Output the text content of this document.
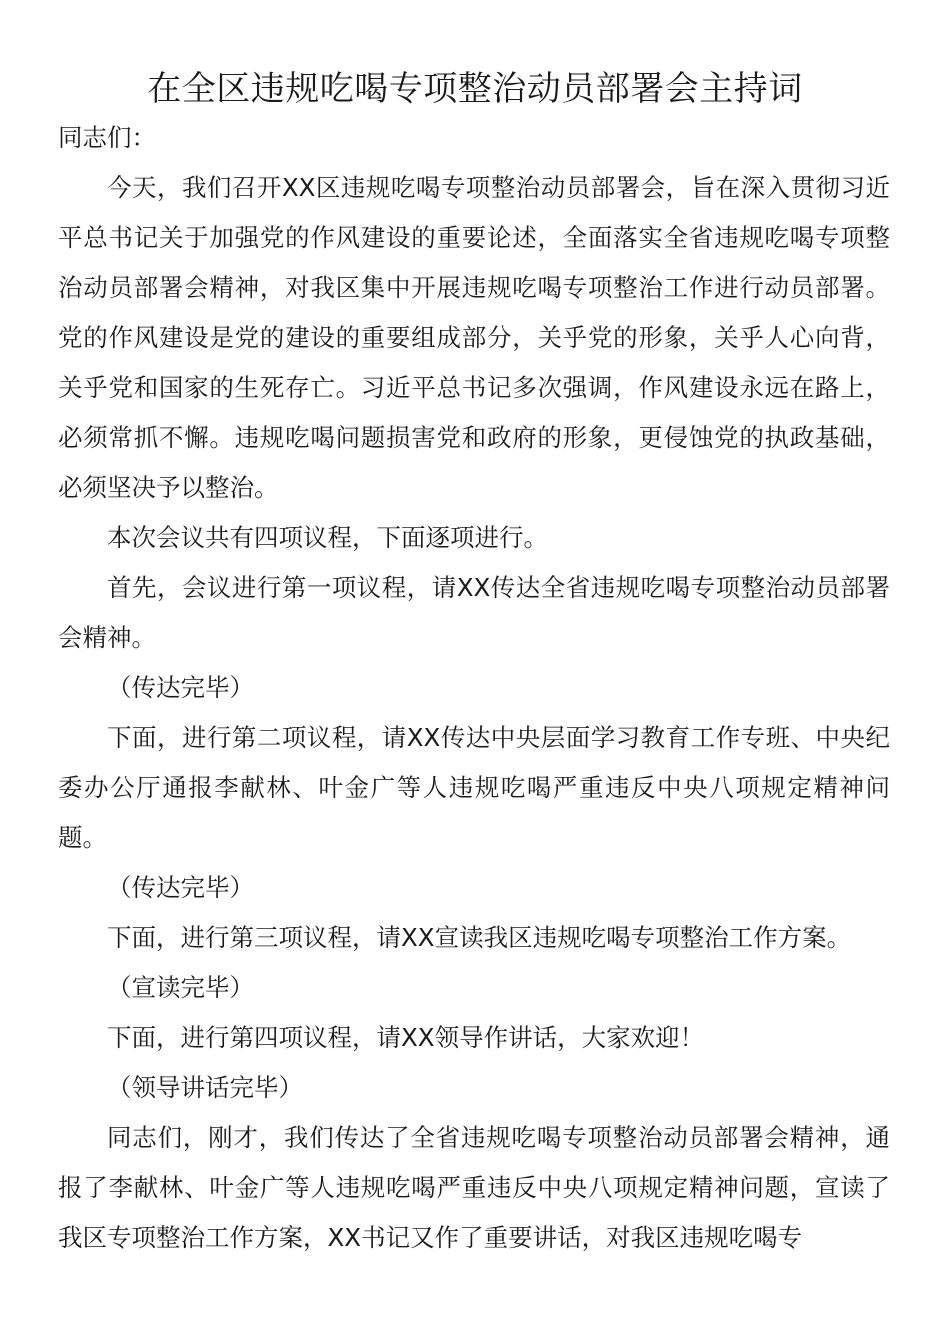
在全区违规吃喝专项整治动员部署会主持词

同志们：

今天，我们召开XX区违规吃喝专项整治动员部署会，旨在深入贯彻习近平总书记关于加强党的作风建设的重要论述，全面落实全省违规吃喝专项整治动员部署会精神，对我区集中开展违规吃喝专项整治工作进行动员部署。党的作风建设是党的建设的重要组成部分，关乎党的形象，关乎人心向背，关乎党和国家的生死存亡。习近平总书记多次强调，作风建设永远在路上，必须常抓不懈。违规吃喝问题损害党和政府的形象，更侵蚀党的执政基础，必须坚决予以整治。

本次会议共有四项议程，下面逐项进行。

首先，会议进行第一项议程，请XX传达全省违规吃喝专项整治动员部署会精神。

（传达完毕）

下面，进行第二项议程，请XX传达中央层面学习教育工作专班、中央纪委办公厅通报李献林、叶金广等人违规吃喝严重违反中央八项规定精神问题。

（传达完毕）

下面，进行第三项议程，请XX宣读我区违规吃喝专项整治工作方案。

（宣读完毕）

下面，进行第四项议程，请XX领导作讲话，大家欢迎！

（领导讲话完毕）

同志们，刚才，我们传达了全省违规吃喝专项整治动员部署会精神，通报了李献林、叶金广等人违规吃喝严重违反中央八项规定精神问题，宣读了我区专项整治工作方案，XX书记又作了重要讲话，对我区违规吃喝专
